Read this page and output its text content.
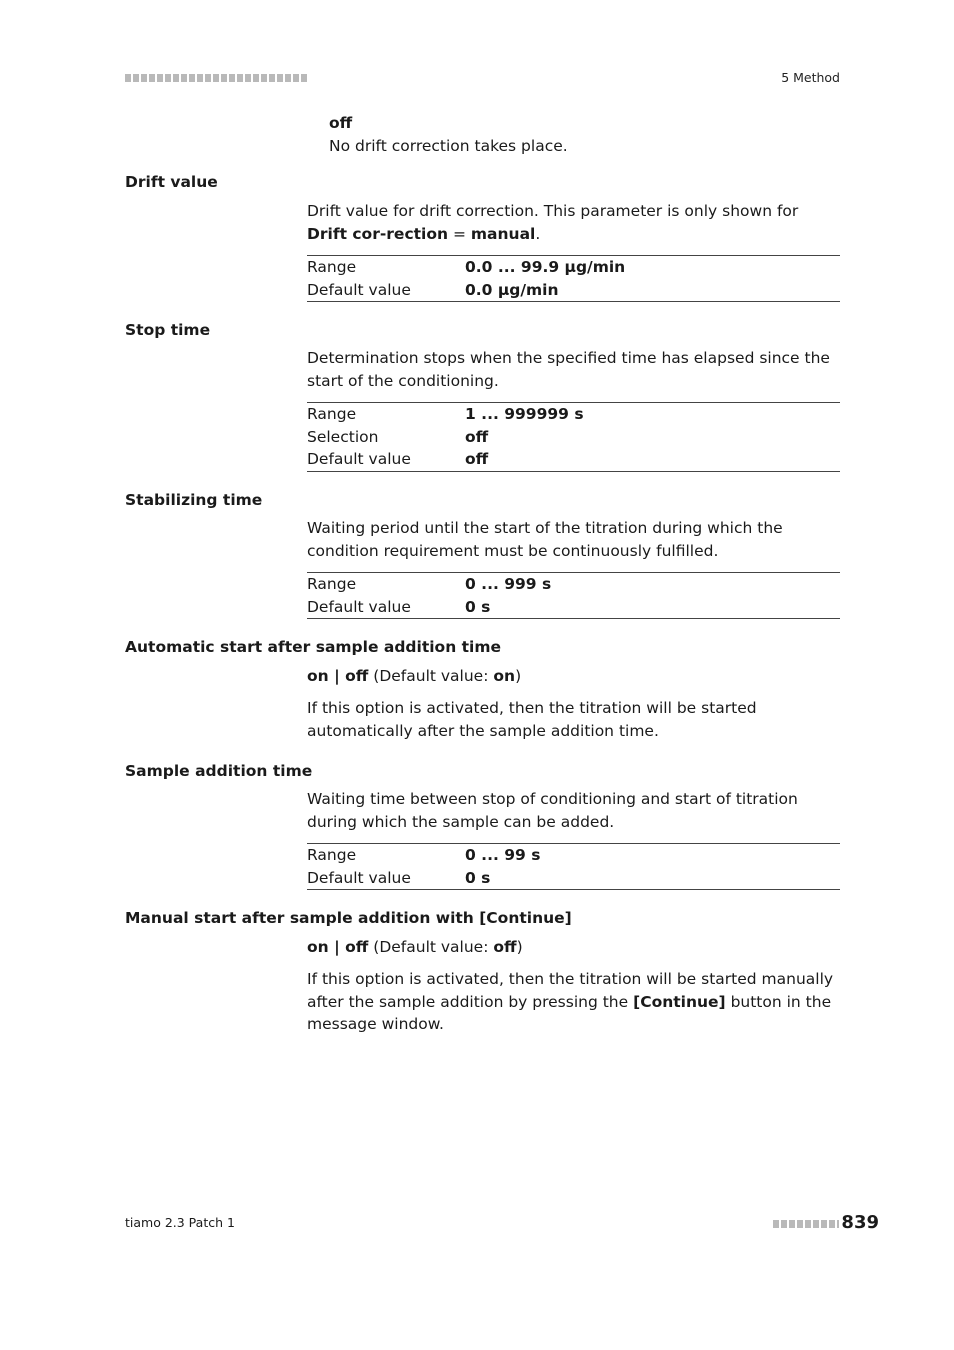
5 Method
off
No drift correction takes place.
Drift value
Drift value for drift correction. This parameter is only shown for Drift cor-rection = manual.
Range	0.0 ... 99.9 µg/min
Default value	0.0 µg/min
Stop time
Determination stops when the specified time has elapsed since the start of the conditioning.
Range	1 ... 999999 s
Selection	off
Default value	off
Stabilizing time
Waiting period until the start of the titration during which the condition requirement must be continuously fulfilled.
Range	0 ... 999 s
Default value	0 s
Automatic start after sample addition time
on | off (Default value: on)
If this option is activated, then the titration will be started automatically after the sample addition time.
Sample addition time
Waiting time between stop of conditioning and start of titration during which the sample can be added.
Range	0 ... 99 s
Default value	0 s
Manual start after sample addition with [Continue]
on | off (Default value: off)
If this option is activated, then the titration will be started manually after the sample addition by pressing the [Continue] button in the message window.
tiamo 2.3 Patch 1	839
